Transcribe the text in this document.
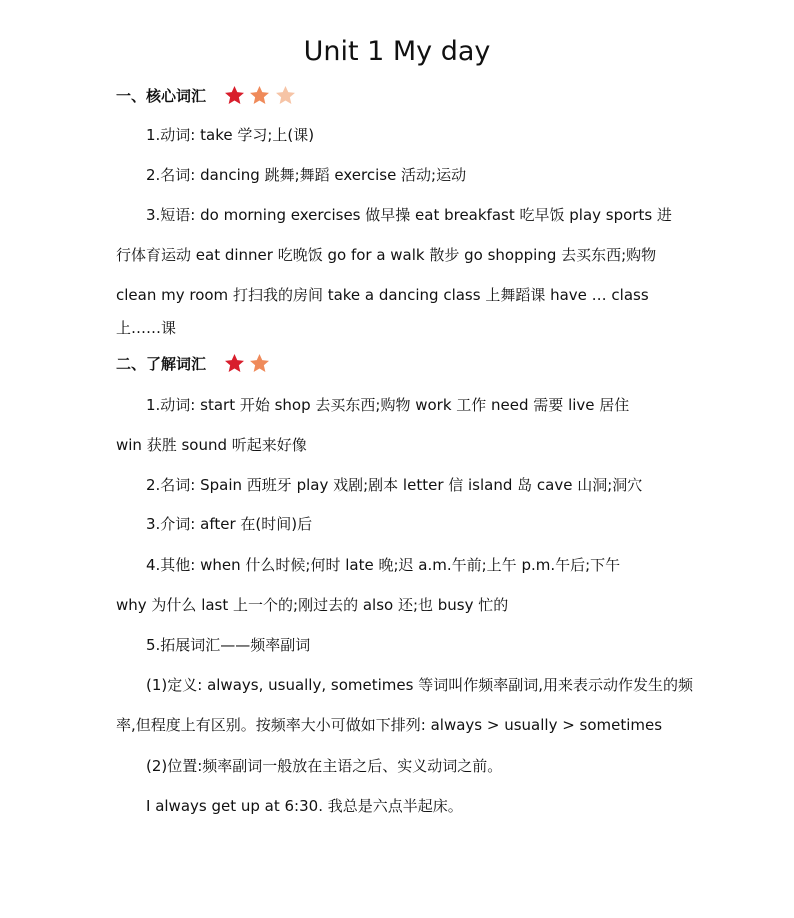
Unit 1 My day
一、核心词汇
1.动词: take 学习;上(课)
2.名词: dancing 跳舞;舞蹈 exercise 活动;运动
3.短语: do morning exercises 做早操 eat breakfast 吃早饭 play sports 进
行体育运动 eat dinner 吃晚饭 go for a walk 散步 go shopping 去买东西;购物
clean my room 打扫我的房间 take a dancing class 上舞蹈课 have … class
上……课
二、了解词汇
1.动词: start 开始 shop 去买东西;购物 work 工作 need 需要 live 居住
win 获胜 sound 听起来好像
2.名词: Spain 西班牙 play 戏剧;剧本 letter 信 island 岛 cave 山洞;洞穴
3.介词: after 在(时间)后
4.其他: when 什么时候;何时 late 晚;迟 a.m.午前;上午 p.m.午后;下午
why 为什么 last 上一个的;刚过去的 also 还;也 busy 忙的
5.拓展词汇——频率副词
(1)定义: always, usually, sometimes 等词叫作频率副词,用来表示动作发生的频
率,但程度上有区别。按频率大小可做如下排列: always > usually > sometimes
(2)位置:频率副词一般放在主语之后、实义动词之前。
I always get up at 6:30. 我总是六点半起床。
